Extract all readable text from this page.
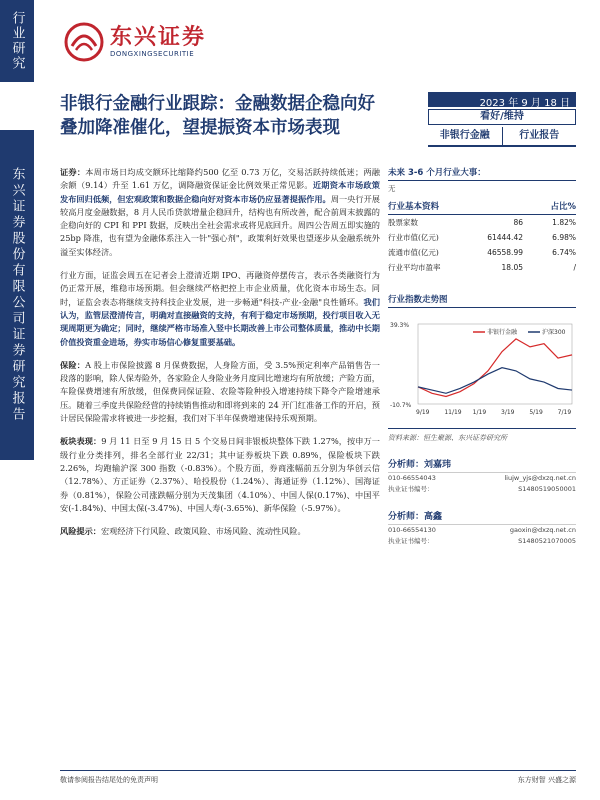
行业研究
东兴证券股份有限公司证券研究报告
东兴证券
DONGXINGSECURITIE
非银行金融行业跟踪：金融数据企稳向好叠加降准催化，望提振资本市场表现
2023 年 9 月 18 日
看好/维持
非银行金融	行业报告

证券：本周市场日均成交额环比缩降约500 亿至 0.73 万亿，交易活跃持续低迷；两融余额（9.14）升至 1.61 万亿，调降融资保证金比例效果正常见影。近期资本市场政策发布回归低频，但宏观政策和数据企稳向好对资本市场仍应显著提振作用。周一央行开展较高月度金融数据，8 月人民币贷款增量企稳回升，结构也有所改善，配合前周末披露的企稳向好的 CPI 和 PPI 数据，反映出全社会需求或将见底回升。周四公告周五即实施的 25bp 降准，也有望为金融体系注入一针"强心剂"，政策利好效果也望逐步从金融系统外溢至实体经济。

行业方面，证监会周五在记者会上澄清近期 IPO、再融资停摆传言，表示各类融资行为仍正常开展，维稳市场预期。但会继续严格把控上市企业质量，优化资本市场生态。同时，证监会表态将继续支持科技企业发展，进一步畅通"科技-产业-金融"良性循环。我们认为，监管层澄清传言，明确对直接融资的支持，有利于稳定市场预期，投行项目收入无现周期更为确定；同时，继续严格市场准入竖中长期改善上市公司整体质量，推动中长期价值投资重金进场，券实市场信心修复重要基础。

保险：A 股上市保险披露 8 月保费数据，人身险方面，受 3.5%预定利率产品销售告一段落的影响，除人保寿险外，各家险企人身险业务月度同比增速均有所放缓；产险方面，车险保费增速有所放缓，但保费同保证险、农险等险种投入增速持续下降令产险增速承压。随着三季度共保险经营的持续销售推动和即将到来的 24 开门红准备工作的开启，预计居民保险需求将被进一步挖掘，我们对下半年保费增速保持乐观预期。

板块表现：9 月 11 日至 9 月 15 日 5 个交易日间非银板块整体下跌 1.27%，按申万一级行业分类排列，排名全部行业 22/31；其中证券板块下跌 0.89%，保险板块下跌 2.26%，均跑输沪深 300 指数（-0.83%）。个股方面，券商涨幅前五分别为华创云信（12.78%）、方正证券（2.37%）、哈投股份（1.24%）、海通证券（1.12%）、国海证券（0.81%），保险公司涨跌幅分别为天茂集团（4.10%）、中国人保(0.17%)、中国平安(-1.84%)、中国太保(-3.47%)、中国人寿(-3.65%)、新华保险（-5.97%）。

风险提示：宏观经济下行风险、政策风险、市场风险、流动性风险。

未来 3-6 个月行业大事：
无
行业基本资料	占比%
股票家数	86	1.82%
行业市值(亿元)	61444.42	6.98%
流通市值(亿元)	46558.99	6.74%
行业平均市盈率	18.05	/
行业指数走势图
39.3%
-10.7%
9/19 11/19 1/19 3/19 5/19 7/19
非银行金融	沪深300
资料来源：恒生聚源、东兴证券研究所
分析师：刘嘉玮
010-66554043	liujw_yjs@dxzq.net.cn
执业证书编号：	S1480519050001
分析师：高鑫
010-66554130	gaoxin@dxzq.net.cn
执业证书编号：	S1480521070005
敬请参阅报告结尾处的免责声明	东方财智 兴盛之源
